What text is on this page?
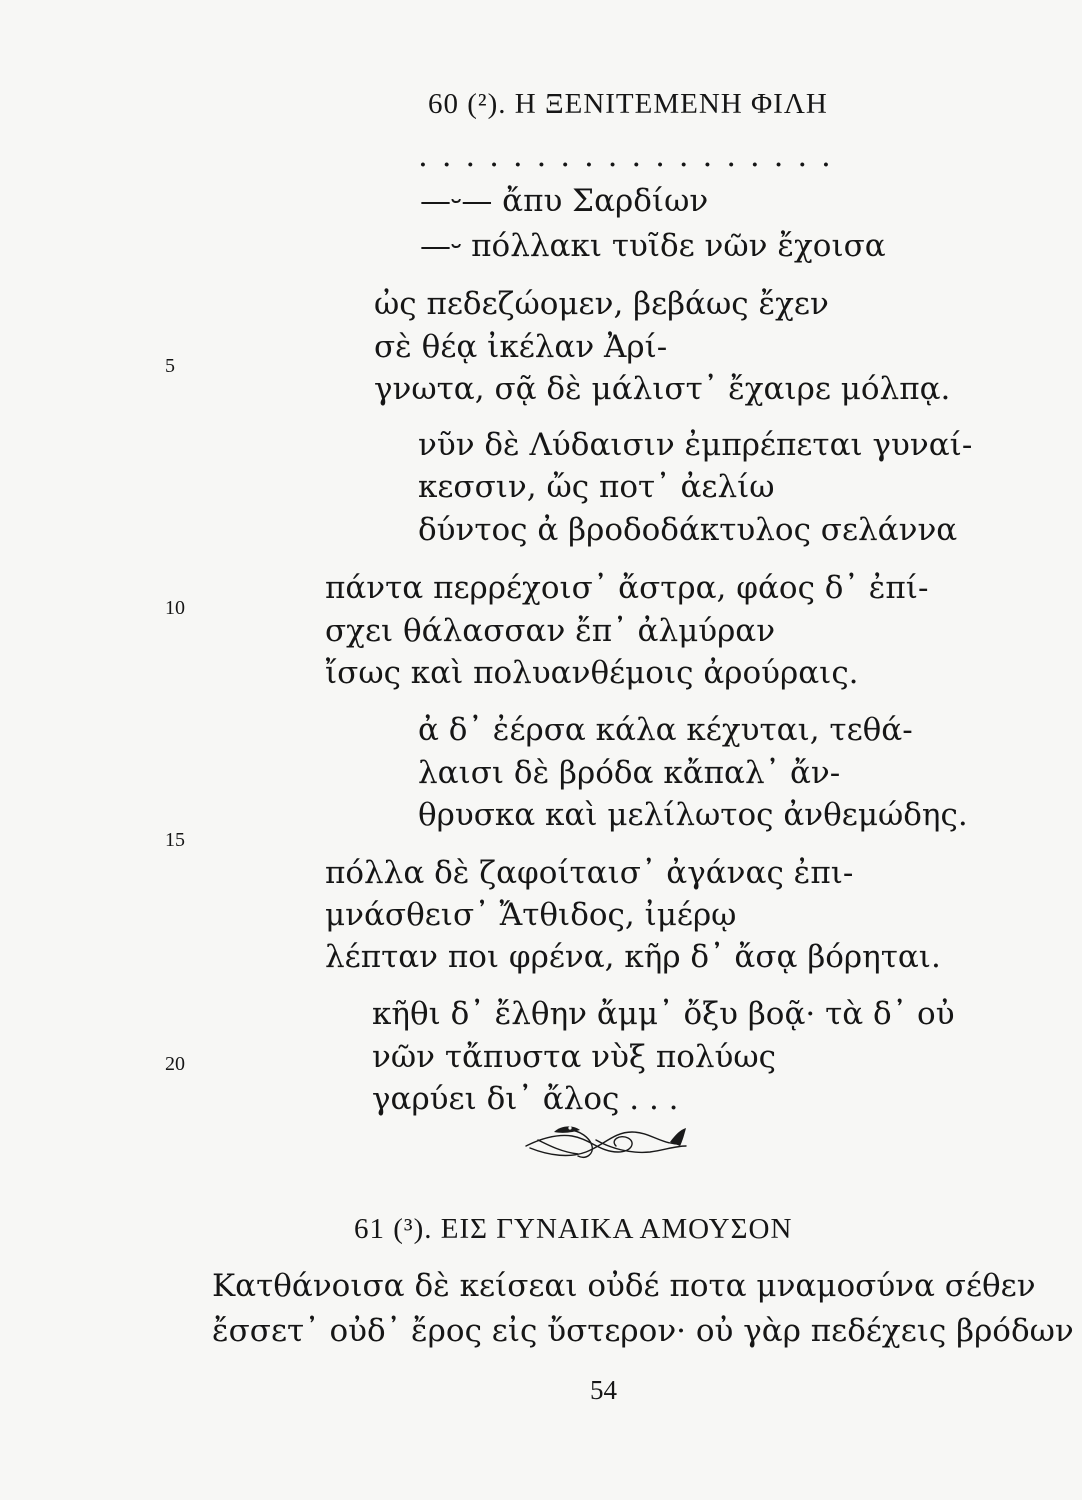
60 (²). Η ΞΕΝΙΤΕΜΕΝΗ ΦΙΛΗ
. . . . . . . . . . . . . . . . . .
—⏑— ἄπυ Σαρδίων
—⏑ πόλλακι τυῖδε νῶν ἔχοισα
ὠς πεδεζώομεν, βεβάως ἔχεν
σὲ θέᾳ ἰκέλαν Ἀρί-
γνωτα, σᾷ δὲ μάλιστ᾽ ἔχαιρε μόλπᾳ.
νῦν δὲ Λύδαισιν ἐμπρέπεται γυναί-
κεσσιν, ὤς ποτ᾽ ἀελίω
δύντος ἀ βροδοδάκτυλος σελάννα
πάντα περρέχοισ᾽ ἄστρα, φάος δ᾽ ἐπί-
σχει θάλασσαν ἔπ᾽ ἀλμύραν
ἴσως καὶ πολυανθέμοις ἀρούραις.
ἀ δ᾽ ἐέρσα κάλα κέχυται, τεθά-
λαισι δὲ βρόδα κἄπαλ᾽ ἄν-
θρυσκα καὶ μελίλωτος ἀνθεμώδης.
πόλλα δὲ ζαφοίταισ᾽ ἀγάνας ἐπι-
μνάσθεισ᾽ Ἄτθιδος, ἰμέρῳ
λέπταν ποι φρένα, κῆρ δ᾽ ἄσᾳ βόρηται.
κῆθι δ᾽ ἔλθην ἄμμ᾽ ὄξυ βοᾷ· τὰ δ᾽ οὐ
νῶν τἄπυστα νὺξ πολύως
γαρύει δι᾽ ἄλος . . .
5
10
15
20
61 (³). ΕΙΣ ΓΥΝΑΙΚΑ ΑΜΟΥΣΟΝ
Κατθάνοισα δὲ κείσεαι οὐδέ ποτα μναμοσύνα σέθεν
ἔσσετ᾽ οὐδ᾽ ἔρος εἰς ὔστερον· οὐ γὰρ πεδέχεις βρόδων
54
